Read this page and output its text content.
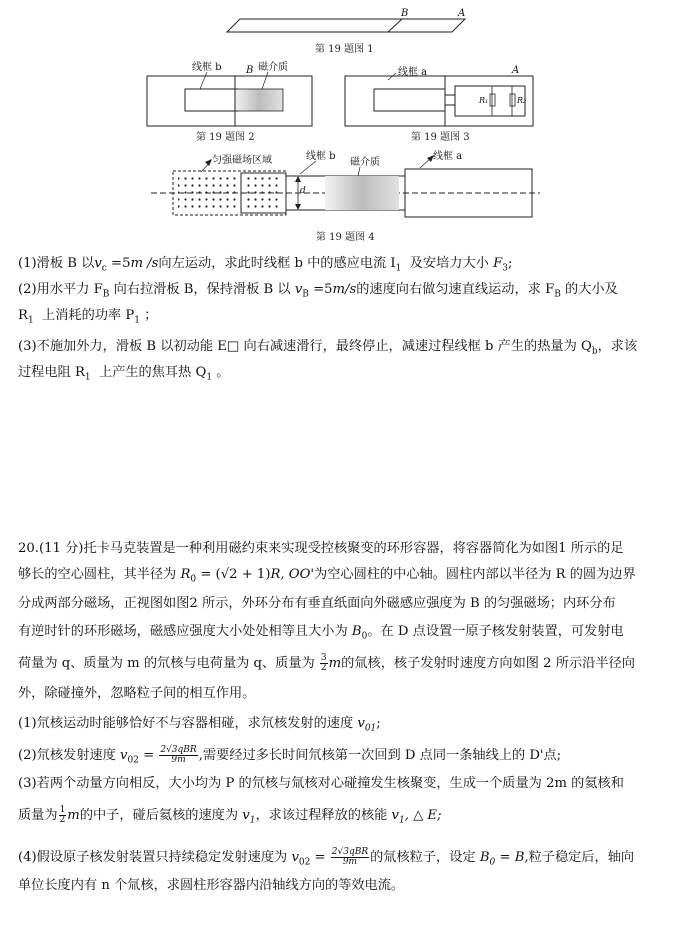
B	A
第 19 题图 1
线框 b B 磁介质
第 19 题图 2
R₁	R₂
线框 a	A
第 19 题图 3
d
匀强磁场区域	线框 b
磁介质
线框 a
第 19 题图 4
(1)滑板 B 以$v_c =5m$ /s向左运动，求此时线框 b 中的感应电流 $I_1$  及安培力大小 $F_3$;
(2)用水平力 $F_B$ 向右拉滑板 B，保持滑板 B 以 $v_B =5m/s$的速度向右做匀速直线运动，求 $F_B$ 的大小及
$R_1$  上消耗的功率 $P_1$ ；
(3)不施加外力，滑板 B 以初动能 E□ 向右减速滑行，最终停止，减速过程线框 b 产生的热量为 $Q_b$，求该
过程电阻 $R_1$  上产生的焦耳热 $Q_1$ 。
20.(11 分)托卡马克装置是一种利用磁约束来实现受控核聚变的环形容器，将容器简化为如图1 所示的足
够长的空心圆柱，其半径为 $R_0 = (√2 + 1)R$, OO'为空心圆柱的中心轴。圆柱内部以半径为 R 的圆为边界
分成两部分磁场，正视图如图2 所示，外环分布有垂直纸面向外磁感应强度为 B 的匀强磁场；内环分布
有逆时针的环形磁场，磁感应强度大小处处相等且大小为 $B_0$。在 D 点设置一原子核发射装置，可发射电
荷量为 q、质量为 m 的氘核与电荷量为 q、质量为 $\frac{3}{2}$ m的氚核，核子发射时速度方向如图 2 所示沿半径向
外，除碰撞外，忽略粒子间的相互作用。
(1)氘核运动时能够恰好不与容器相碰，求氘核发射的速度 $v_{01}$;
(2)氘核发射速度 $v_{02} = \frac{\text{2√3qBR}}{9m}$ ,需要经过多长时间氘核第一次回到 D 点同一条轴线上的 D'点;
(3)若两个动量方向相反，大小均为 P 的氘核与氚核对心碰撞发生核聚变，生成一个质量为 2m 的氦核和
质量为 $\frac{1}{2}$ m的中子，碰后氦核的速度为 $v_1$，求该过程释放的核能 $v_1$, △ E;
(4)假设原子核发射装置只持续稳定发射速度为 $v_{02} = \frac{\text{2√3qBR}}{9m}$ 的氚核粒子，设定 $B_0 = B$,粒子稳定后，轴向
单位长度内有 n 个氚核，求圆柱形容器内沿轴线方向的等效电流。
